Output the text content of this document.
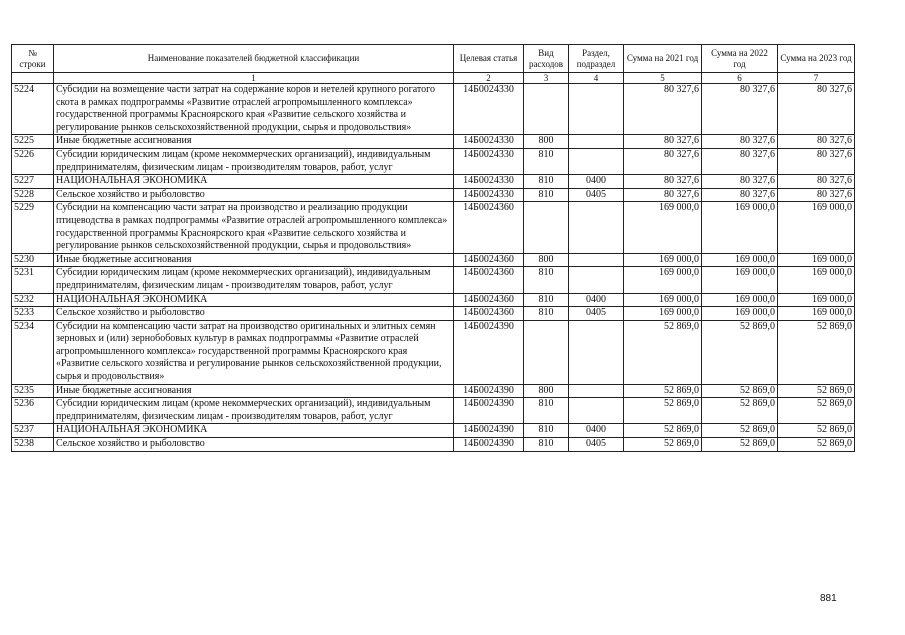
№ строки	Наименование показателей бюджетной классификации	Целевая статья	Вид расходов	Раздел, подраздел	Сумма на 2021 год	Сумма на 2022 год	Сумма на 2023 год
	1	2	3	4	5	6	7
5224	Субсидии на возмещение части затрат на содержание коров и нетелей крупного рогатого скота в рамках подпрограммы «Развитие отраслей агропромышленного комплекса» государственной программы Красноярского края «Развитие сельского хозяйства и регулирование рынков сельскохозяйственной продукции, сырья и продовольствия»	14Б0024330			80 327,6	80 327,6	80 327,6
5225	Иные бюджетные ассигнования	14Б0024330	800		80 327,6	80 327,6	80 327,6
5226	Субсидии юридическим лицам (кроме некоммерческих организаций), индивидуальным предпринимателям, физическим лицам - производителям товаров, работ, услуг	14Б0024330	810		80 327,6	80 327,6	80 327,6
5227	НАЦИОНАЛЬНАЯ ЭКОНОМИКА	14Б0024330	810	0400	80 327,6	80 327,6	80 327,6
5228	Сельское хозяйство и рыболовство	14Б0024330	810	0405	80 327,6	80 327,6	80 327,6
5229	Субсидии на компенсацию части затрат на производство и реализацию продукции птицеводства в рамках подпрограммы «Развитие отраслей агропромышленного комплекса» государственной программы Красноярского края «Развитие сельского хозяйства и регулирование рынков сельскохозяйственной продукции, сырья и продовольствия»	14Б0024360			169 000,0	169 000,0	169 000,0
5230	Иные бюджетные ассигнования	14Б0024360	800		169 000,0	169 000,0	169 000,0
5231	Субсидии юридическим лицам (кроме некоммерческих организаций), индивидуальным предпринимателям, физическим лицам - производителям товаров, работ, услуг	14Б0024360	810		169 000,0	169 000,0	169 000,0
5232	НАЦИОНАЛЬНАЯ ЭКОНОМИКА	14Б0024360	810	0400	169 000,0	169 000,0	169 000,0
5233	Сельское хозяйство и рыболовство	14Б0024360	810	0405	169 000,0	169 000,0	169 000,0
5234	Субсидии на компенсацию части затрат на производство оригинальных и элитных семян зерновых и (или) зернобобовых культур в рамках подпрограммы «Развитие отраслей агропромышленного комплекса» государственной программы Красноярского края «Развитие сельского хозяйства и регулирование рынков сельскохозяйственной продукции, сырья и продовольствия»	14Б0024390			52 869,0	52 869,0	52 869,0
5235	Иные бюджетные ассигнования	14Б0024390	800		52 869,0	52 869,0	52 869,0
5236	Субсидии юридическим лицам (кроме некоммерческих организаций), индивидуальным предпринимателям, физическим лицам - производителям товаров, работ, услуг	14Б0024390	810		52 869,0	52 869,0	52 869,0
5237	НАЦИОНАЛЬНАЯ ЭКОНОМИКА	14Б0024390	810	0400	52 869,0	52 869,0	52 869,0
5238	Сельское хозяйство и рыболовство	14Б0024390	810	0405	52 869,0	52 869,0	52 869,0
881
